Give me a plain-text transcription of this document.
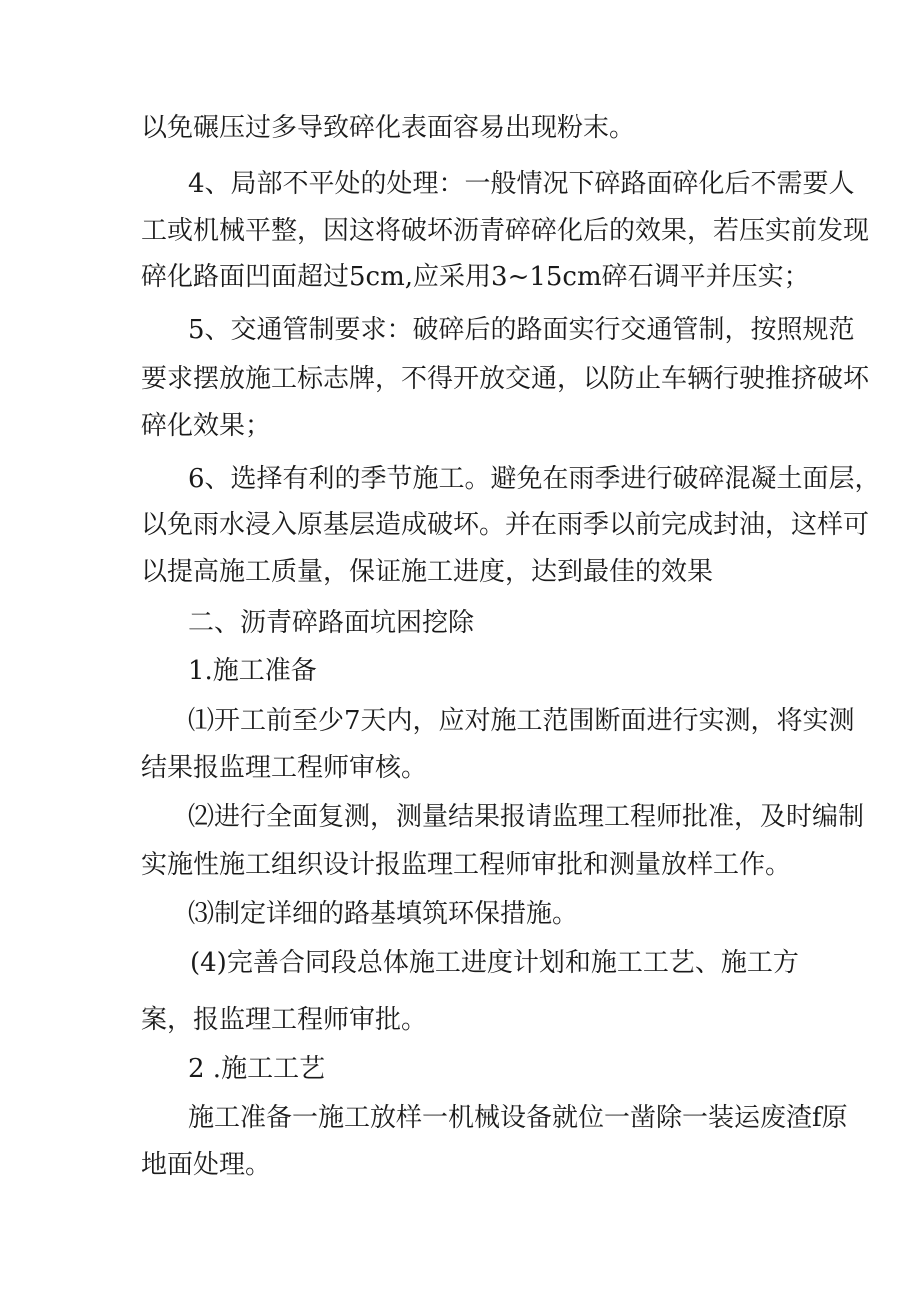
以免碾压过多导致碎化表面容易出现粉末。
4、局部不平处的处理：一般情况下碎路面碎化后不需要人
工或机械平整，因这将破坏沥青碎碎化后的效果，若压实前发现
碎化路面凹面超过5cm,应采用3~15cm碎石调平并压实；
5、交通管制要求：破碎后的路面实行交通管制，按照规范
要求摆放施工标志牌，不得开放交通，以防止车辆行驶推挤破坏
碎化效果；
6、选择有利的季节施工。避免在雨季进行破碎混凝土面层，
以免雨水浸入原基层造成破坏。并在雨季以前完成封油，这样可
以提高施工质量，保证施工进度，达到最佳的效果
二、沥青碎路面坑困挖除
1.施工准备
⑴开工前至少7天内，应对施工范围断面进行实测，将实测
结果报监理工程师审核。
⑵进行全面复测，测量结果报请监理工程师批准，及时编制
实施性施工组织设计报监理工程师审批和测量放样工作。
⑶制定详细的路基填筑环保措施。
(4)完善合同段总体施工进度计划和施工工艺、施工方
案，报监理工程师审批。
2 .施工工艺
施工准备一施工放样一机械设备就位一凿除一装运废渣f原
地面处理。
